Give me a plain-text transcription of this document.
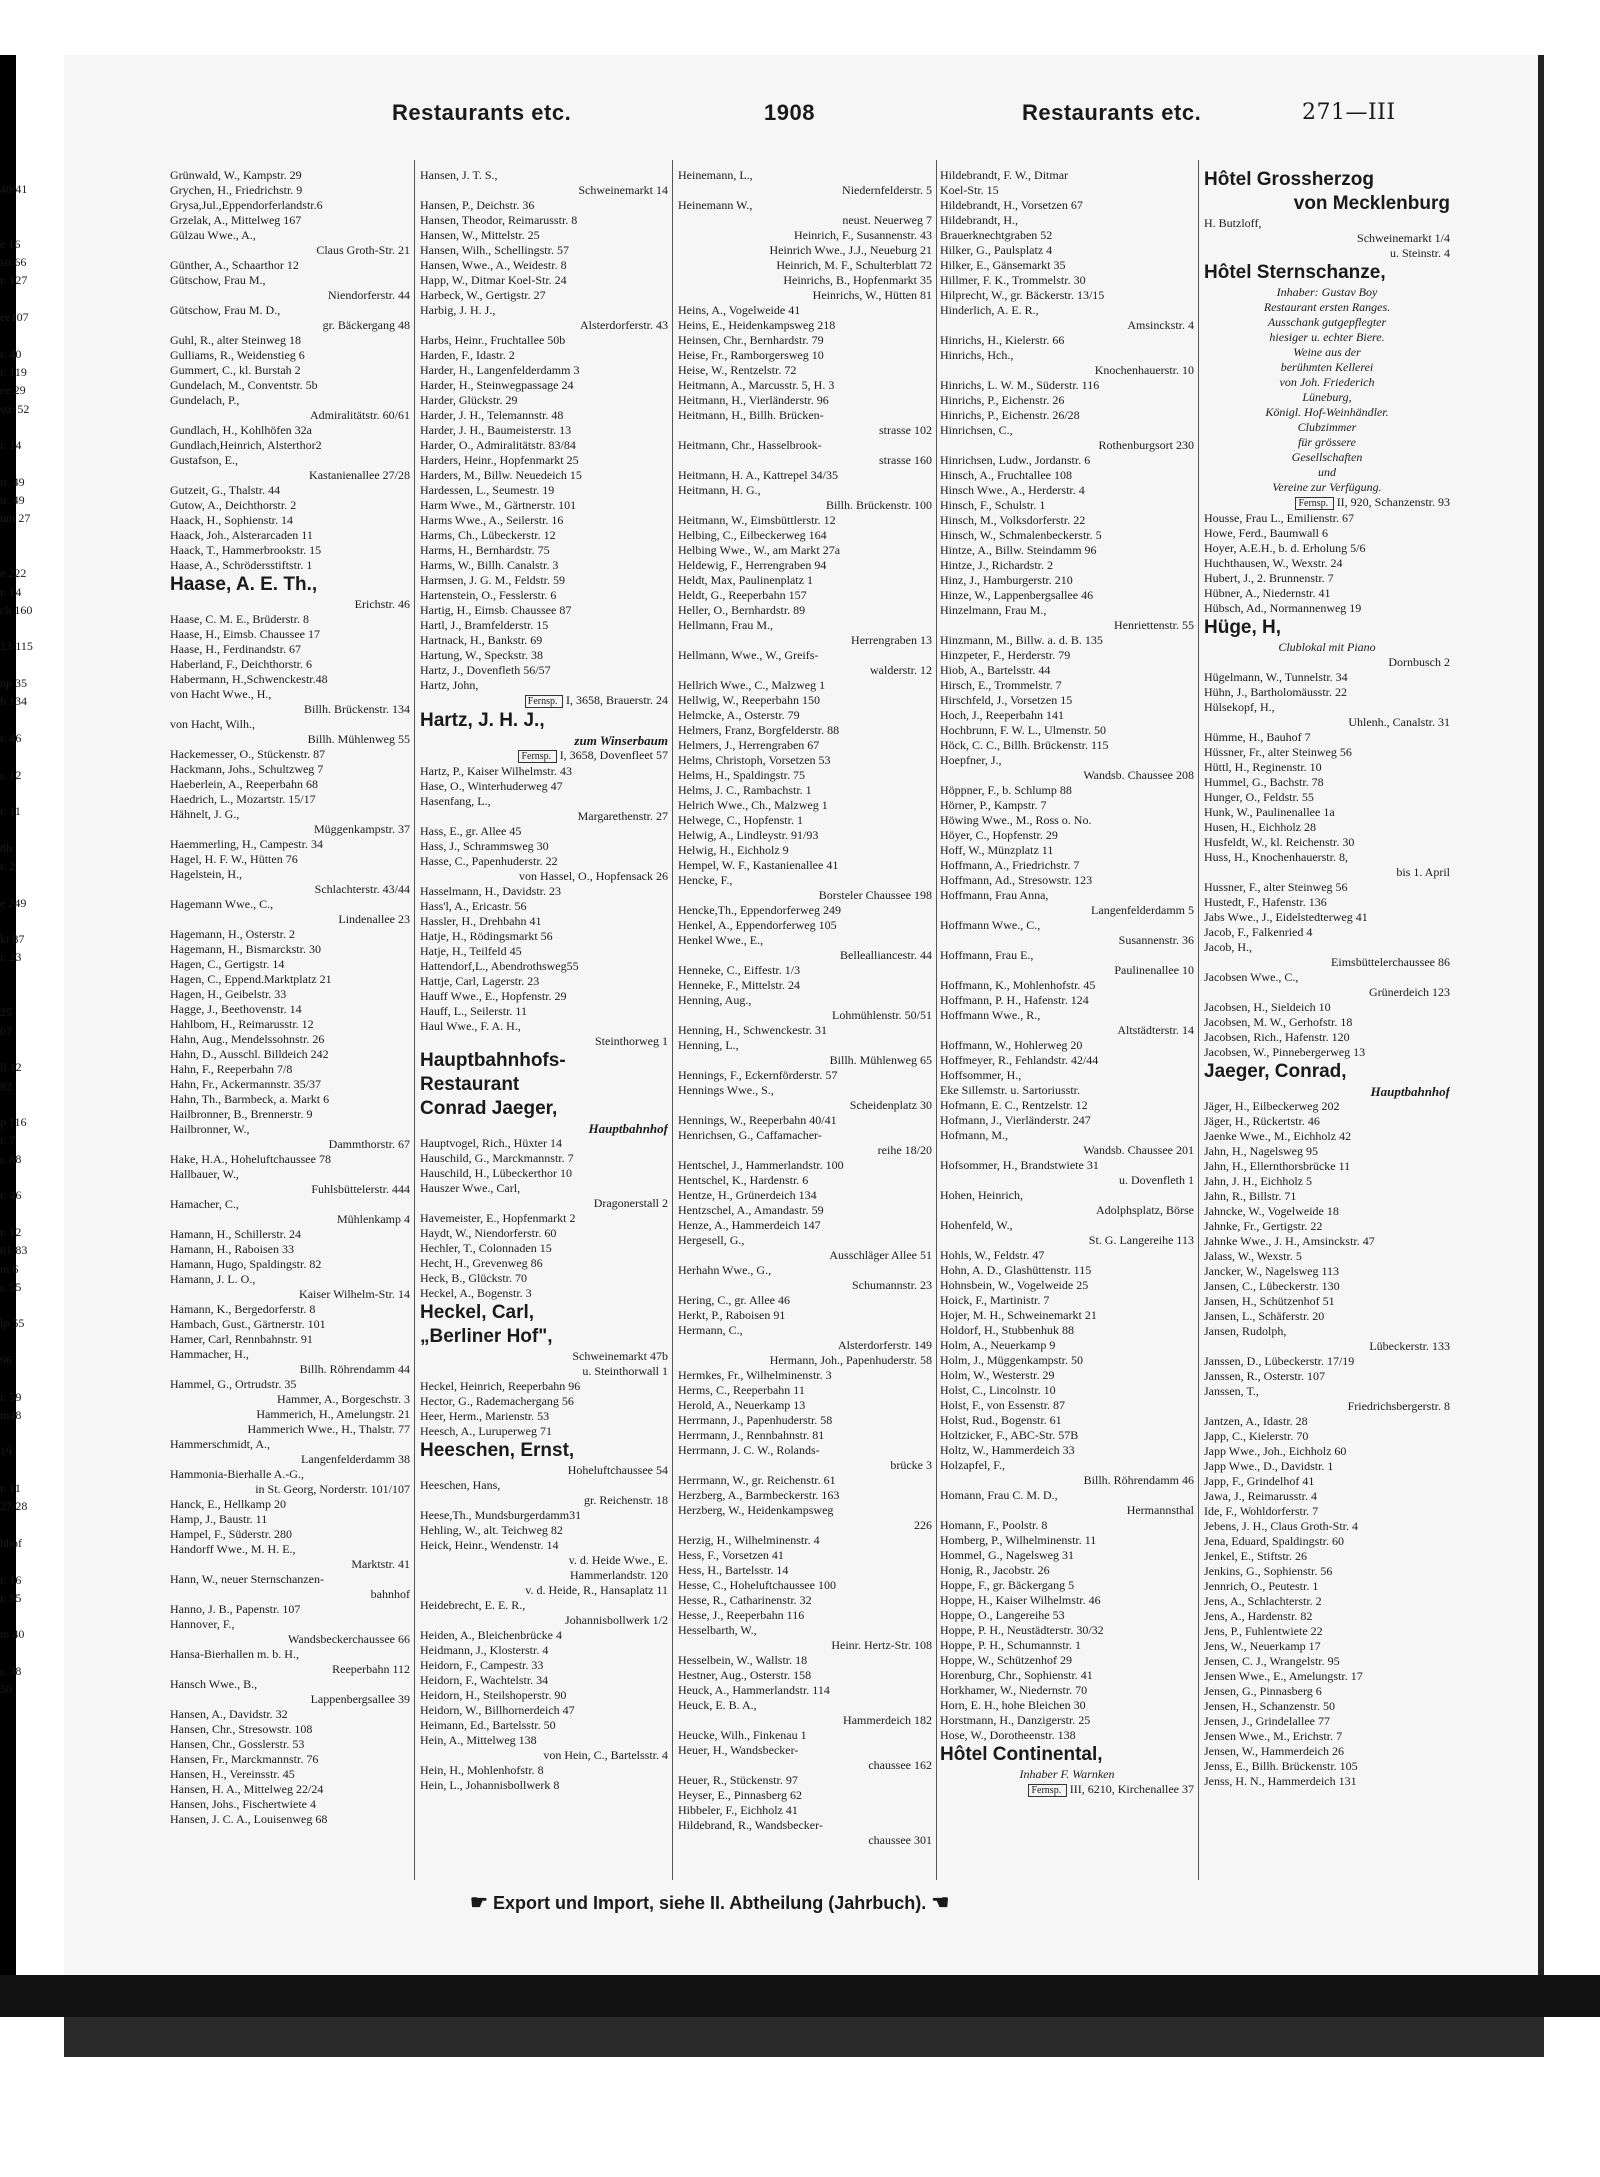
40/41

e 16
str.66
r. 127

ee107

r. 40
r. 119
ee 29
str. 52

r. 14

tr. 49
tr. 49
nm 27

e 222
r. 14
ch 160

13/115

np 35
h 134

r. 46

r. 12

r. 11

8b
r. 2

e 249

kt 87
r. 23

25
07

ll 12
82

p 116
r. 7
r. 88

r. 46

r. 12
81/83
m 6
r. 55

lp 55

96

r. 59
m48

19

r. 11
27/28

hhof

r. 16
r. 55

m 40

r. 38
50
Restaurants etc.	1908	Restaurants etc.	271—III
Grünwald, W., Kampstr. 29
Grychen, H., Friedrichstr. 9
Grysa,Jul.,Eppendorferlandstr.6
Grzelak, A., Mittelweg 167
Gülzau Wwe., A.,
Claus Groth-Str. 21
Günther, A., Schaarthor 12
Gütschow, Frau M.,
Niendorferstr. 44
Gütschow, Frau M. D.,
gr. Bäckergang 48
Guhl, R., alter Steinweg 18
Gulliams, R., Weidenstieg 6
Gummert, C., kl. Burstah 2
Gundelach, M., Conventstr. 5b
Gundelach, P.,
Admiralitätstr. 60/61
Gundlach, H., Kohlhöfen 32a
Gundlach,Heinrich, Alsterthor2
Gustafson, E.,
Kastanienallee 27/28
Gutzeit, G., Thalstr. 44
Gutow, A., Deichthorstr. 2
Haack, H., Sophienstr. 14
Haack, Joh., Alsterarcaden 11
Haack, T., Hammerbrookstr. 15
Haase, A., Schrödersstiftstr. 1
Haase, A. E. Th.,
Erichstr. 46
Haase, C. M. E., Brüderstr. 8
Haase, H., Eimsb. Chaussee 17
Haase, H., Ferdinandstr. 67
Haberland, F., Deichthorstr. 6
Habermann, H.,Schwenckestr.48
von Hacht Wwe., H.,
Billh. Brückenstr. 134
von Hacht, Wilh.,
Billh. Mühlenweg 55
Hackemesser, O., Stückenstr. 87
Hackmann, Johs., Schultzweg 7
Haeberlein, A., Reeperbahn 68
Haedrich, L., Mozartstr. 15/17
Hähnelt, J. G.,
Müggenkampstr. 37
Haemmerling, H., Campestr. 34
Hagel, H. F. W., Hütten 76
Hagelstein, H.,
Schlachterstr. 43/44
Hagemann Wwe., C.,
Lindenallee 23
Hagemann, H., Osterstr. 2
Hagemann, H., Bismarckstr. 30
Hagen, C., Gertigstr. 14
Hagen, C., Eppend.Marktplatz 21
Hagen, H., Geibelstr. 33
Hagge, J., Beethovenstr. 14
Hahlbom, H., Reimarusstr. 12
Hahn, Aug., Mendelssohnstr. 26
Hahn, D., Ausschl. Billdeich 242
Hahn, F., Reeperbahn 7/8
Hahn, Fr., Ackermannstr. 35/37
Hahn, Th., Barmbeck, a. Markt 6
Hailbronner, B., Brennerstr. 9
Hailbronner, W.,
Dammthorstr. 67
Hake, H.A., Hoheluftchaussee 78
Hallbauer, W.,
Fuhlsbüttelerstr. 444
Hamacher, C.,
Mühlenkamp 4
Hamann, H., Schillerstr. 24
Hamann, H., Raboisen 33
Hamann, Hugo, Spaldingstr. 82
Hamann, J. L. O.,
Kaiser Wilhelm-Str. 14
Hamann, K., Bergedorferstr. 8
Hambach, Gust., Gärtnerstr. 101
Hamer, Carl, Rennbahnstr. 91
Hammacher, H.,
Billh. Röhrendamm 44
Hammel, G., Ortrudstr. 35
Hammer, A., Borgeschstr. 3
Hammerich, H., Amelungstr. 21
Hammerich Wwe., H., Thalstr. 77
Hammerschmidt, A.,
Langenfelderdamm 38
Hammonia-Bierhalle A.-G.,
in St. Georg, Norderstr. 101/107
Hanck, E., Hellkamp 20
Hamp, J., Baustr. 11
Hampel, F., Süderstr. 280
Handorff Wwe., M. H. E.,
Marktstr. 41
Hann, W., neuer Sternschanzen-
bahnhof
Hanno, J. B., Papenstr. 107
Hannover, F.,
Wandsbeckerchaussee 66
Hansa-Bierhallen m. b. H.,
Reeperbahn 112
Hansch Wwe., B.,
Lappenbergsallee 39
Hansen, A., Davidstr. 32
Hansen, Chr., Stresowstr. 108
Hansen, Chr., Gosslerstr. 53
Hansen, Fr., Marckmannstr. 76
Hansen, H., Vereinsstr. 45
Hansen, H. A., Mittelweg 22/24
Hansen, Johs., Fischertwiete 4
Hansen, J. C. A., Louisenweg 68
Hansen, J. T. S.,
Schweinemarkt 14
Hansen, P., Deichstr. 36
Hansen, Theodor, Reimarusstr. 8
Hansen, W., Mittelstr. 25
Hansen, Wilh., Schellingstr. 57
Hansen, Wwe., A., Weidestr. 8
Happ, W., Ditmar Koel-Str. 24
Harbeck, W., Gertigstr. 27
Harbig, J. H. J.,
Alsterdorferstr. 43
Harbs, Heinr., Fruchtallee 50b
Harden, F., Idastr. 2
Harder, H., Langenfelderdamm 3
Harder, H., Steinwegpassage 24
Harder, Glückstr. 29
Harder, J. H., Telemannstr. 48
Harder, J. H., Baumeisterstr. 13
Harder, O., Admiralitätstr. 83/84
Harders, Heinr., Hopfenmarkt 25
Harders, M., Billw. Neuedeich 15
Hardessen, L., Seumestr. 19
Harm Wwe., M., Gärtnerstr. 101
Harms Wwe., A., Seilerstr. 16
Harms, Ch., Lübeckerstr. 12
Harms, H., Bernhardstr. 75
Harms, W., Billh. Canalstr. 3
Harmsen, J. G. M., Feldstr. 59
Hartenstein, O., Fesslerstr. 6
Hartig, H., Eimsb. Chaussee 87
Hartl, J., Bramfelderstr. 15
Hartnack, H., Bankstr. 69
Hartung, W., Speckstr. 38
Hartz, J., Dovenfleth 56/57
Hartz, John,
Fernsp. I, 3658, Brauerstr. 24
Hartz, J. H. J.,
zum Winserbaum
Fernsp. I, 3658, Dovenfleet 57
Hartz, P., Kaiser Wilhelmstr. 43
Hase, O., Winterhuderweg 47
Hasenfang, L.,
Margarethenstr. 27
Hass, E., gr. Allee 45
Hass, J., Schrammsweg 30
Hasse, C., Papenhuderstr. 22
von Hassel, O., Hopfensack 26
Hasselmann, H., Davidstr. 23
Hass'l, A., Ericastr. 56
Hassler, H., Drehbahn 41
Hatje, H., Rödingsmarkt 56
Hatje, H., Teilfeld 45
Hattendorf,L., Abendrothsweg55
Hattje, Carl, Lagerstr. 23
Hauff Wwe., E., Hopfenstr. 29
Hauff, L., Seilerstr. 11
Haul Wwe., F. A. H.,
Steinthorweg 1
Hauptbahnhofs-
Restaurant
Conrad Jaeger,
Hauptbahnhof
Hauptvogel, Rich., Hüxter 14
Hauschild, G., Marckmannstr. 7
Hauschild, H., Lübeckerthor 10
Hauszer Wwe., Carl,
Dragonerstall 2
Havemeister, E., Hopfenmarkt 2
Haydt, W., Niendorferstr. 60
Hechler, T., Colonnaden 15
Hecht, H., Grevenweg 86
Heck, B., Glückstr. 70
Heckel, A., Bogenstr. 3
Heckel, Carl,
„Berliner Hof",
Schweinemarkt 47b
u. Steinthorwall 1
Heckel, Heinrich, Reeperbahn 96
Hector, G., Rademachergang 56
Heer, Herm., Marienstr. 53
Heesch, A., Luruperweg 71
Heeschen, Ernst,
Hoheluftchaussee 54
Heeschen, Hans,
gr. Reichenstr. 18
Heese,Th., Mundsburgerdamm31
Hehling, W., alt. Teichweg 82
Heick, Heinr., Wendenstr. 14
v. d. Heide Wwe., E.
Hammerlandstr. 120
v. d. Heide, R., Hansaplatz 11
Heidebrecht, E. E. R.,
Johannisbollwerk 1/2
Heiden, A., Bleichenbrücke 4
Heidmann, J., Klosterstr. 4
Heidorn, F., Campestr. 33
Heidorn, F., Wachtelstr. 34
Heidorn, H., Steilshoperstr. 90
Heidorn, W., Billhornerdeich 47
Heimann, Ed., Bartelsstr. 50
Hein, A., Mittelweg 138
von Hein, C., Bartelsstr. 4
Hein, H., Mohlenhofstr. 8
Hein, L., Johannisbollwerk 8
Heinemann, L.,
Niedernfelderstr. 5
Heinemann W.,
neust. Neuerweg 7
Heinrich, F., Susannenstr. 43
Heinrich Wwe., J.J., Neueburg 21
Heinrich, M. F., Schulterblatt 72
Heinrichs, B., Hopfenmarkt 35
Heinrichs, W., Hütten 81
Heins, A., Vogelweide 41
Heins, E., Heidenkampsweg 218
Heinsen, Chr., Bernhardstr. 79
Heise, Fr., Ramborgersweg 10
Heise, W., Rentzelstr. 72
Heitmann, A., Marcusstr. 5, H. 3
Heitmann, H., Vierländerstr. 96
Heitmann, H., Billh. Brücken-
strasse 102
Heitmann, Chr., Hasselbrook-
strasse 160
Heitmann, H. A., Kattrepel 34/35
Heitmann, H. G.,
Billh. Brückenstr. 100
Heitmann, W., Eimsbüttlerstr. 12
Helbing, C., Eilbeckerweg 164
Helbing Wwe., W., am Markt 27a
Heldewig, F., Herrengraben 94
Heldt, Max, Paulinenplatz 1
Heldt, G., Reeperbahn 157
Heller, O., Bernhardstr. 89
Hellmann, Frau M.,
Herrengraben 13
Hellmann, Wwe., W., Greifs-
walderstr. 12
Hellrich Wwe., C., Malzweg 1
Hellwig, W., Reeperbahn 150
Helmcke, A., Osterstr. 79
Helmers, Franz, Borgfelderstr. 88
Helmers, J., Herrengraben 67
Helms, Christoph, Vorsetzen 53
Helms, H., Spaldingstr. 75
Helms, J. C., Rambachstr. 1
Helrich Wwe., Ch., Malzweg 1
Helwege, C., Hopfenstr. 1
Helwig, A., Lindleystr. 91/93
Helwig, H., Eichholz 9
Hempel, W. F., Kastanienallee 41
Hencke, F.,
Borsteler Chaussee 198
Hencke,Th., Eppendorferweg 249
Henkel, A., Eppendorferweg 105
Henkel Wwe., E.,
Bellealliancestr. 44
Henneke, C., Eiffestr. 1/3
Henneke, F., Mittelstr. 24
Henning, Aug.,
Lohmühlenstr. 50/51
Henning, H., Schwenckestr. 31
Henning, L.,
Billh. Mühlenweg 65
Hennings, F., Eckernförderstr. 57
Hennings Wwe., S.,
Scheidenplatz 30
Hennings, W., Reeperbahn 40/41
Henrichsen, G., Caffamacher-
reihe 18/20
Hentschel, J., Hammerlandstr. 100
Hentschel, K., Hardenstr. 6
Hentze, H., Grünerdeich 134
Hentzschel, A., Amandastr. 59
Henze, A., Hammerdeich 147
Hergesell, G.,
Ausschläger Allee 51
Herhahn Wwe., G.,
Schumannstr. 23
Hering, C., gr. Allee 46
Herkt, P., Raboisen 91
Hermann, C.,
Alsterdorferstr. 149
Hermann, Joh., Papenhuderstr. 58
Hermkes, Fr., Wilhelminenstr. 3
Herms, C., Reeperbahn 11
Herold, A., Neuerkamp 13
Herrmann, J., Papenhuderstr. 58
Herrmann, J., Rennbahnstr. 81
Herrmann, J. C. W., Rolands-
brücke 3
Herrmann, W., gr. Reichenstr. 61
Herzberg, A., Barmbeckerstr. 163
Herzberg, W., Heidenkampsweg
226
Herzig, H., Wilhelminenstr. 4
Hess, F., Vorsetzen 41
Hess, H., Bartelsstr. 14
Hesse, C., Hoheluftchaussee 100
Hesse, R., Catharinenstr. 32
Hesse, J., Reeperbahn 116
Hesselbarth, W.,
Heinr. Hertz-Str. 108
Hesselbein, W., Wallstr. 18
Hestner, Aug., Osterstr. 158
Heuck, A., Hammerlandstr. 114
Heuck, E. B. A.,
Hammerdeich 182
Heucke, Wilh., Finkenau 1
Heuer, H., Wandsbecker-
chaussee 162
Heuer, R., Stückenstr. 97
Heyser, E., Pinnasberg 62
Hibbeler, F., Eichholz 41
Hildebrand, R., Wandsbecker-
chaussee 301
Hildebrandt, F. W., Ditmar
Koel-Str. 15
Hildebrandt, H., Vorsetzen 67
Hildebrandt, H.,
Brauerknechtgraben 52
Hilker, G., Paulsplatz 4
Hilker, E., Gänsemarkt 35
Hillmer, F. K., Trommelstr. 30
Hilprecht, W., gr. Bäckerstr. 13/15
Hinderlich, A. E. R.,
Amsinckstr. 4
Hinrichs, H., Kielerstr. 66
Hinrichs, Hch.,
Knochenhauerstr. 10
Hinrichs, L. W. M., Süderstr. 116
Hinrichs, P., Eichenstr. 26
Hinrichs, P., Eichenstr. 26/28
Hinrichsen, C.,
Rothenburgsort 230
Hinrichsen, Ludw., Jordanstr. 6
Hinsch, A., Fruchtallee 108
Hinsch Wwe., A., Herderstr. 4
Hinsch, F., Schulstr. 1
Hinsch, M., Volksdorferstr. 22
Hinsch, W., Schmalenbeckerstr. 5
Hintze, A., Billw. Steindamm 96
Hintze, J., Richardstr. 2
Hinz, J., Hamburgerstr. 210
Hinze, W., Lappenbergsallee 46
Hinzelmann, Frau M.,
Henriettenstr. 55
Hinzmann, M., Billw. a. d. B. 135
Hinzpeter, F., Herderstr. 79
Hiob, A., Bartelsstr. 44
Hirsch, E., Trommelstr. 7
Hirschfeld, J., Vorsetzen 15
Hoch, J., Reeperbahn 141
Hochbrunn, F. W. L., Ulmenstr. 50
Höck, C. C., Billh. Brückenstr. 115
Hoepfner, J.,
Wandsb. Chaussee 208
Höppner, F., b. Schlump 88
Hörner, P., Kampstr. 7
Höwing Wwe., M., Ross o. No.
Höyer, C., Hopfenstr. 29
Hoff, W., Münzplatz 11
Hoffmann, A., Friedrichstr. 7
Hoffmann, Ad., Stresowstr. 123
Hoffmann, Frau Anna,
Langenfelderdamm 5
Hoffmann Wwe., C.,
Susannenstr. 36
Hoffmann, Frau E.,
Paulinenallee 10
Hoffmann, K., Mohlenhofstr. 45
Hoffmann, P. H., Hafenstr. 124
Hoffmann Wwe., R.,
Altstädterstr. 14
Hoffmann, W., Hohlerweg 20
Hoffmeyer, R., Fehlandstr. 42/44
Hoffsommer, H.,
Eke Sillemstr. u. Sartoriusstr.
Hofmann, E. C., Rentzelstr. 12
Hofmann, J., Vierländerstr. 247
Hofmann, M.,
Wandsb. Chaussee 201
Hofsommer, H., Brandstwiete 31
u. Dovenfleth 1
Hohen, Heinrich,
Adolphsplatz, Börse
Hohenfeld, W.,
St. G. Langereihe 113
Hohls, W., Feldstr. 47
Hohn, A. D., Glashüttenstr. 115
Hohnsbein, W., Vogelweide 25
Hoick, F., Martinistr. 7
Hojer, M. H., Schweinemarkt 21
Holdorf, H., Stubbenhuk 88
Holm, A., Neuerkamp 9
Holm, J., Müggenkampstr. 50
Holm, W., Westerstr. 29
Holst, C., Lincolnstr. 10
Holst, F., von Essenstr. 87
Holst, Rud., Bogenstr. 61
Holtzicker, F., ABC-Str. 57B
Holtz, W., Hammerdeich 33
Holzapfel, F.,
Billh. Röhrendamm 46
Homann, Frau C. M. D.,
Hermannsthal
Homann, F., Poolstr. 8
Homberg, P., Wilhelminenstr. 11
Hommel, G., Nagelsweg 31
Honig, R., Jacobstr. 26
Hoppe, F., gr. Bäckergang 5
Hoppe, H., Kaiser Wilhelmstr. 46
Hoppe, O., Langereihe 53
Hoppe, P. H., Neustädterstr. 30/32
Hoppe, P. H., Schumannstr. 1
Hoppe, W., Schützenhof 29
Horenburg, Chr., Sophienstr. 41
Horkhamer, W., Niedernstr. 70
Horn, E. H., hohe Bleichen 30
Horstmann, H., Danzigerstr. 25
Hose, W., Dorotheenstr. 138
Hôtel Continental,
Inhaber F. Warnken
Fernsp. III, 6210, Kirchenallee 37
Hôtel Grossherzog
von Mecklenburg
H. Butzloff,
Schweinemarkt 1/4
u. Steinstr. 4
Hôtel Sternschanze,
Inhaber: Gustav Boy
Restaurant ersten Ranges.
Ausschank gutgepflegter
hiesiger u. echter Biere.
Weine aus der
berühmten Kellerei
von Joh. Friederich
Lüneburg,
Königl. Hof-Weinhändler.
Clubzimmer
für grössere
Gesellschaften
und
Vereine zur Verfügung.
Fernsp. II, 920, Schanzenstr. 93
Housse, Frau L., Emilienstr. 67
Howe, Ferd., Baumwall 6
Hoyer, A.E.H., b. d. Erholung 5/6
Huchthausen, W., Wexstr. 24
Hubert, J., 2. Brunnenstr. 7
Hübner, A., Niedernstr. 41
Hübsch, Ad., Normannenweg 19
Hüge, H,
Clublokal mit Piano
Dornbusch 2
Hügelmann, W., Tunnelstr. 34
Hühn, J., Bartholomäusstr. 22
Hülsekopf, H.,
Uhlenh., Canalstr. 31
Hümme, H., Bauhof 7
Hüssner, Fr., alter Steinweg 56
Hüttl, H., Reginenstr. 10
Hummel, G., Bachstr. 78
Hunger, O., Feldstr. 55
Hunk, W., Paulinenallee 1a
Husen, H., Eichholz 28
Husfeldt, W., kl. Reichenstr. 30
Huss, H., Knochenhauerstr. 8,
bis 1. April
Hussner, F., alter Steinweg 56
Hustedt, F., Hafenstr. 136
Jabs Wwe., J., Eidelstedterweg 41
Jacob, F., Falkenried 4
Jacob, H.,
Eimsbüttelerchaussee 86
Jacobsen Wwe., C.,
Grünerdeich 123
Jacobsen, H., Sieldeich 10
Jacobsen, M. W., Gerhofstr. 18
Jacobsen, Rich., Hafenstr. 120
Jacobsen, W., Pinnebergerweg 13
Jaeger, Conrad,
Hauptbahnhof
Jäger, H., Eilbeckerweg 202
Jäger, H., Rückertstr. 46
Jaenke Wwe., M., Eichholz 42
Jahn, H., Nagelsweg 95
Jahn, H., Ellernthorsbrücke 11
Jahn, J. H., Eichholz 5
Jahn, R., Billstr. 71
Jahncke, W., Vogelweide 18
Jahnke, Fr., Gertigstr. 22
Jahnke Wwe., J. H., Amsinckstr. 47
Jalass, W., Wexstr. 5
Jancker, W., Nagelsweg 113
Jansen, C., Lübeckerstr. 130
Jansen, H., Schützenhof 51
Jansen, L., Schäferstr. 20
Jansen, Rudolph,
Lübeckerstr. 133
Janssen, D., Lübeckerstr. 17/19
Janssen, R., Osterstr. 107
Janssen, T.,
Friedrichsbergerstr. 8
Jantzen, A., Idastr. 28
Japp, C., Kielerstr. 70
Japp Wwe., Joh., Eichholz 60
Japp Wwe., D., Davidstr. 1
Japp, F., Grindelhof 41
Jawa, J., Reimarusstr. 4
Ide, F., Wohldorferstr. 7
Jebens, J. H., Claus Groth-Str. 4
Jena, Eduard, Spaldingstr. 60
Jenkel, E., Stiftstr. 26
Jenkins, G., Sophienstr. 56
Jennrich, O., Peutestr. 1
Jens, A., Schlachterstr. 2
Jens, A., Hardenstr. 82
Jens, P., Fuhlentwiete 22
Jens, W., Neuerkamp 17
Jensen, C. J., Wrangelstr. 95
Jensen Wwe., E., Amelungstr. 17
Jensen, G., Pinnasberg 6
Jensen, H., Schanzenstr. 50
Jensen, J., Grindelallee 77
Jensen Wwe., M., Erichstr. 7
Jensen, W., Hammerdeich 26
Jenss, E., Billh. Brückenstr. 105
Jenss, H. N., Hammerdeich 131
☛ Export und Import, siehe II. Abtheilung (Jahrbuch). ☚
